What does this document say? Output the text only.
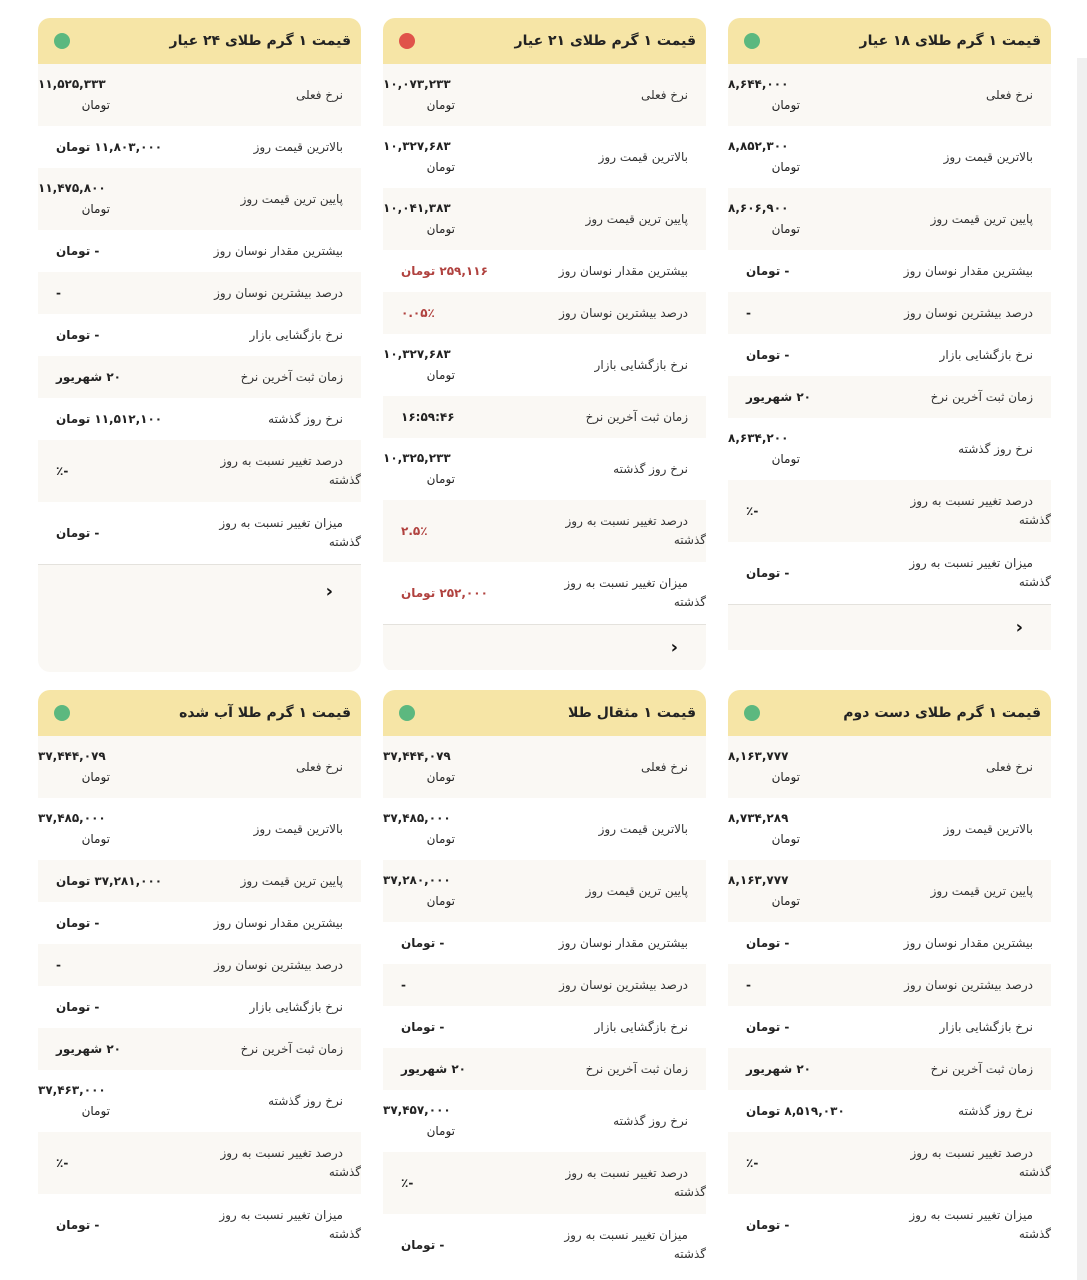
قیمت ۱ گرم طلای ۱۸ عیار
نرخ فعلی
۸,۶۴۴,۰۰۰
تومان
بالاترین قیمت روز
۸,۸۵۲,۳۰۰
تومان
پایین ترین قیمت روز
۸,۶۰۶,۹۰۰
تومان
بیشترین مقدار نوسان روز
- تومان
درصد بیشترین نوسان روز
-
نرخ بازگشایی بازار
- تومان
زمان ثبت آخرین نرخ
۲۰ شهریور
نرخ روز گذشته
۸,۶۳۴,۲۰۰
تومان
درصد تغییر نسبت به روز گذشته
٪-
میزان تغییر نسبت به روز گذشته
- تومان
‹
قیمت ۱ گرم طلای ۲۱ عیار
نرخ فعلی
۱۰,۰۷۳,۲۳۳
تومان
بالاترین قیمت روز
۱۰,۳۲۷,۶۸۳
تومان
پایین ترین قیمت روز
۱۰,۰۴۱,۳۸۳
تومان
بیشترین مقدار نوسان روز
۲۵۹,۱۱۶ تومان
درصد بیشترین نوسان روز
۰.۰۵٪
نرخ بازگشایی بازار
۱۰,۳۲۷,۶۸۳
تومان
زمان ثبت آخرین نرخ
۱۶:۵۹:۴۶
نرخ روز گذشته
۱۰,۳۲۵,۲۳۳
تومان
درصد تغییر نسبت به روز گذشته
۲.۵٪
میزان تغییر نسبت به روز گذشته
۲۵۲,۰۰۰ تومان
‹
قیمت ۱ گرم طلای ۲۴ عیار
نرخ فعلی
۱۱,۵۲۵,۳۳۳
تومان
بالاترین قیمت روز
۱۱,۸۰۳,۰۰۰ تومان
پایین ترین قیمت روز
۱۱,۴۷۵,۸۰۰
تومان
بیشترین مقدار نوسان روز
- تومان
درصد بیشترین نوسان روز
-
نرخ بازگشایی بازار
- تومان
زمان ثبت آخرین نرخ
۲۰ شهریور
نرخ روز گذشته
۱۱,۵۱۲,۱۰۰ تومان
درصد تغییر نسبت به روز گذشته
٪-
میزان تغییر نسبت به روز گذشته
- تومان
‹
قیمت ۱ گرم طلای دست دوم
نرخ فعلی
۸,۱۶۳,۷۷۷
تومان
بالاترین قیمت روز
۸,۷۳۴,۲۸۹
تومان
پایین ترین قیمت روز
۸,۱۶۳,۷۷۷
تومان
بیشترین مقدار نوسان روز
- تومان
درصد بیشترین نوسان روز
-
نرخ بازگشایی بازار
- تومان
زمان ثبت آخرین نرخ
۲۰ شهریور
نرخ روز گذشته
۸,۵۱۹,۰۳۰ تومان
درصد تغییر نسبت به روز گذشته
٪-
میزان تغییر نسبت به روز گذشته
- تومان
قیمت ۱ مثقال طلا
نرخ فعلی
۳۷,۴۴۴,۰۷۹
تومان
بالاترین قیمت روز
۳۷,۴۸۵,۰۰۰
تومان
پایین ترین قیمت روز
۳۷,۲۸۰,۰۰۰
تومان
بیشترین مقدار نوسان روز
- تومان
درصد بیشترین نوسان روز
-
نرخ بازگشایی بازار
- تومان
زمان ثبت آخرین نرخ
۲۰ شهریور
نرخ روز گذشته
۳۷,۴۵۷,۰۰۰
تومان
درصد تغییر نسبت به روز گذشته
٪-
میزان تغییر نسبت به روز گذشته
- تومان
قیمت ۱ گرم طلا آب شده
نرخ فعلی
۳۷,۴۴۴,۰۷۹
تومان
بالاترین قیمت روز
۳۷,۴۸۵,۰۰۰
تومان
پایین ترین قیمت روز
۳۷,۲۸۱,۰۰۰ تومان
بیشترین مقدار نوسان روز
- تومان
درصد بیشترین نوسان روز
-
نرخ بازگشایی بازار
- تومان
زمان ثبت آخرین نرخ
۲۰ شهریور
نرخ روز گذشته
۳۷,۴۶۳,۰۰۰
تومان
درصد تغییر نسبت به روز گذشته
٪-
میزان تغییر نسبت به روز گذشته
- تومان
